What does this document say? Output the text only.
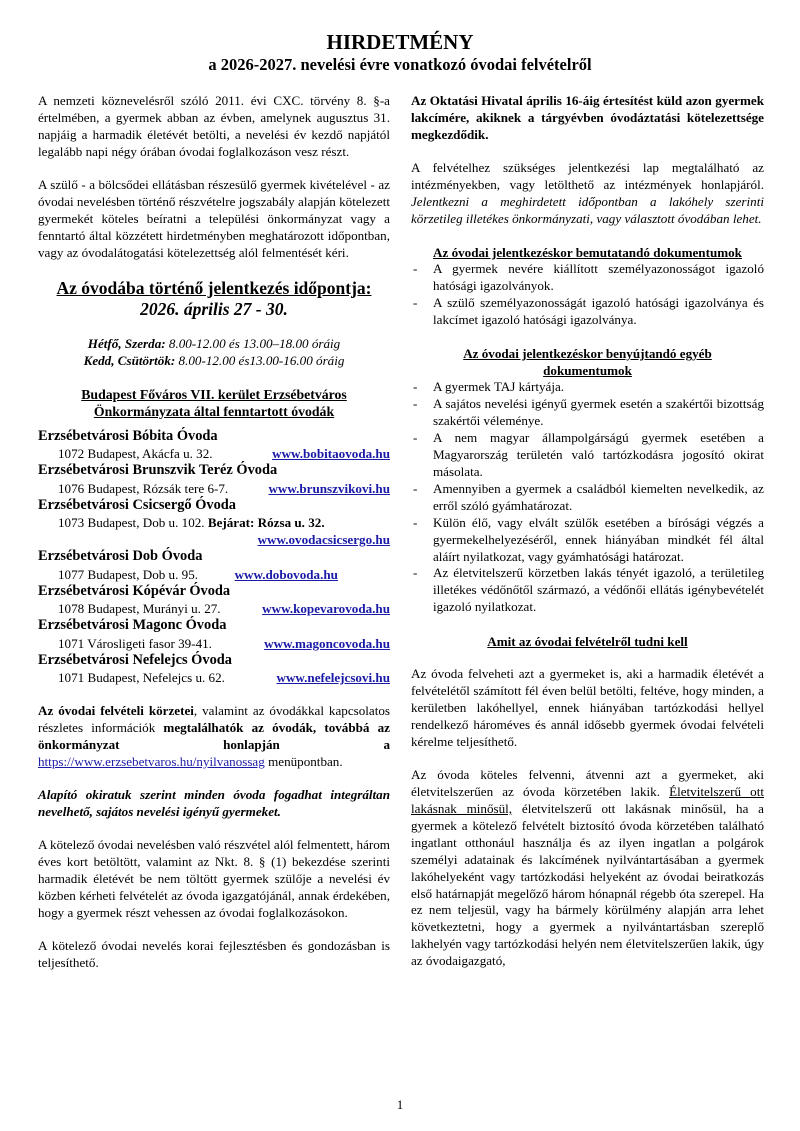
HIRDETMÉNY
a 2026-2027. nevelési évre vonatkozó óvodai felvételről

A nemzeti köznevelésről szóló 2011. évi CXC. törvény 8. §-a értelmében, a gyermek abban az évben, amelynek augusztus 31. napjáig a harmadik életévét betölti, a nevelési év kezdő napjától legalább napi négy órában óvodai foglalkozáson vesz részt.

A szülő - a bölcsődei ellátásban részesülő gyermek kivételével - az óvodai nevelésben történő részvételre jogszabály alapján kötelezett gyermekét köteles beíratni a települési önkormányzat vagy a fenntartó által közzétett hirdetményben meghatározott időpontban, vagy az óvodalátogatási kötelezettség alól felmentését kéri.

Az óvodába történő jelentkezés időpontja:

2026. április 27 - 30.

Hétfő, Szerda: 8.00-12.00 és 13.00–18.00 óráig

Kedd, Csütörtök: 8.00-12.00 és13.00-16.00 óráig

Budapest Főváros VII. kerület Erzsébetváros

Önkormányzata által fenntartott óvodák

Erzsébetvárosi Bóbita Óvoda

1072 Budapest, Akácfa u. 32.	www.bobitaovoda.hu

Erzsébetvárosi Brunszvik Teréz Óvoda

1076 Budapest, Rózsák tere 6-7.	www.brunszvikovi.hu

Erzsébetvárosi Csicsergő Óvoda

1073 Budapest, Dob u. 102. Bejárat: Rózsa u. 32.

www.ovodacsicsergo.hu

Erzsébetvárosi Dob Óvoda

1077 Budapest, Dob u. 95.	www.dobovoda.hu

Erzsébetvárosi Kópévár Óvoda

1078 Budapest, Murányi u. 27.	www.kopevarovoda.hu

Erzsébetvárosi Magonc Óvoda

1071 Városligeti fasor 39-41.	www.magoncovoda.hu

Erzsébetvárosi Nefelejcs Óvoda

1071 Budapest, Nefelejcs u. 62.	www.nefelejcsovi.hu

Az óvodai felvételi körzetei, valamint az óvodákkal kapcsolatos részletes információk megtalálhatók az óvodák, továbbá az önkormányzat honlapján a https://www.erzsebetvaros.hu/nyilvanossag menüpontban.

Alapító okiratuk szerint minden óvoda fogadhat integráltan nevelhető, sajátos nevelési igényű gyermeket.

A kötelező óvodai nevelésben való részvétel alól felmentett, három éves kort betöltött, valamint az Nkt. 8. § (1) bekezdése szerinti harmadik életévét be nem töltött gyermek szülője a nevelési év közben kérheti felvételét az óvoda igazgatójánál, annak érdekében, hogy a gyermek részt vehessen az óvodai foglalkozásokon.

A kötelező óvodai nevelés korai fejlesztésben és gondozásban is teljesíthető.

Az Oktatási Hivatal április 16-áig értesítést küld azon gyermek lakcímére, akiknek a tárgyévben óvodáztatási kötelezettsége megkezdődik.

A felvételhez szükséges jelentkezési lap megtalálható az intézményekben, vagy letölthető az intézmények honlapjáról. Jelentkezni a meghirdetett időpontban a lakóhely szerinti körzetileg illetékes önkormányzati, vagy választott óvodában lehet.

Az óvodai jelentkezéskor bemutatandó dokumentumok

- A gyermek nevére kiállított személyazonosságot igazoló hatósági igazolványok.
- A szülő személyazonosságát igazoló hatósági igazolványa és lakcímet igazoló hatósági igazolványa.

Az óvodai jelentkezéskor benyújtandó egyéb

dokumentumok

- A gyermek TAJ kártyája.
- A sajátos nevelési igényű gyermek esetén a szakértői bizottság szakértői véleménye.
- A nem magyar állampolgárságú gyermek esetében a Magyarország területén való tartózkodásra jogosító okirat másolata.
- Amennyiben a gyermek a családból kiemelten nevelkedik, az erről szóló gyámhatározat.
- Külön élő, vagy elvált szülők esetében a bírósági végzés a gyermekelhelyezéséről, ennek hiányában mindkét fél által aláírt nyilatkozat, vagy gyámhatósági határozat.
- Az életvitelszerű körzetben lakás tényét igazoló, a területileg illetékes védőnőtől származó, a védőnői ellátás igénybevételét igazoló nyilatkozat.

Amit az óvodai felvételről tudni kell

Az óvoda felveheti azt a gyermeket is, aki a harmadik életévét a felvételétől számított fél éven belül betölti, feltéve, hogy minden, a kerületben lakóhellyel, ennek hiányában tartózkodási hellyel rendelkező hároméves és annál idősebb gyermek óvodai felvételi kérelme teljesíthető.

Az óvoda köteles felvenni, átvenni azt a gyermeket, aki életvitelszerűen az óvoda körzetében lakik. Életvitelszerű ott lakásnak minősül, életvitelszerű ott lakásnak minősül, ha a gyermek a kötelező felvételt biztosító óvoda körzetében található ingatlant otthonául használja és az ilyen ingatlan a polgárok személyi adatainak és lakcímének nyilvántartásában a gyermek lakóhelyeként vagy tartózkodási helyeként az óvodai beiratkozás első határnapját megelőző három hónapnál régebb óta szerepel. Ha ez nem teljesül, vagy ha bármely körülmény alapján arra lehet következtetni, hogy a gyermek a nyilvántartásban szereplő lakhelyén vagy tartózkodási helyén nem életvitelszerűen lakik, úgy az óvodaigazgató,

1
